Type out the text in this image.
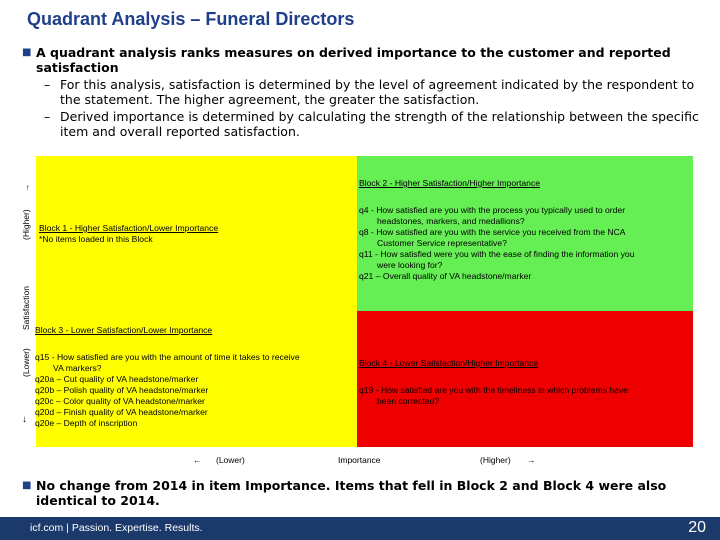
Quadrant Analysis – Funeral Directors
■ A quadrant analysis ranks measures on derived importance to the customer and reported satisfaction
– For this analysis, satisfaction is determined by the level of agreement indicated by the respondent to the statement. The higher agreement, the greater the satisfaction.
– Derived importance is determined by calculating the strength of the relationship between the specific item and overall reported satisfaction.
Block 1 - Higher Satisfaction/Lower Importance
*No items loaded in this Block
Block 2 - Higher Satisfaction/Higher Importance
q4 - How satisfied are you with the process you typically used to order
headstones, markers, and medallions?
q8 - How satisfied are you with the service you received from the NCA
Customer Service representative?
q11 - How satisfied were you with the ease of finding the information you
were looking for?
q21 – Overall quality of VA headstone/marker
Block 3 - Lower Satisfaction/Lower Importance
q15 - How satisfied are you with the amount of time it takes to receive
VA markers?
q20a – Cut quality of VA headstone/marker
q20b – Polish quality of VA headstone/marker
q20c – Color quality of VA headstone/marker
q20d – Finish quality of VA headstone/marker
q20e – Depth of inscription
Block 4 - Lower Satisfaction/Higher Importance
q19 - How satisfied are you with the timeliness in which problems have
been corrected?
→
(Higher)
Satisfaction
(Lower)
↓
← (Lower)	Importance	(Higher) →
■ No change from 2014 in item Importance. Items that fell in Block 2 and Block 4 were also identical to 2014.
icf.com | Passion. Expertise. Results.	20
